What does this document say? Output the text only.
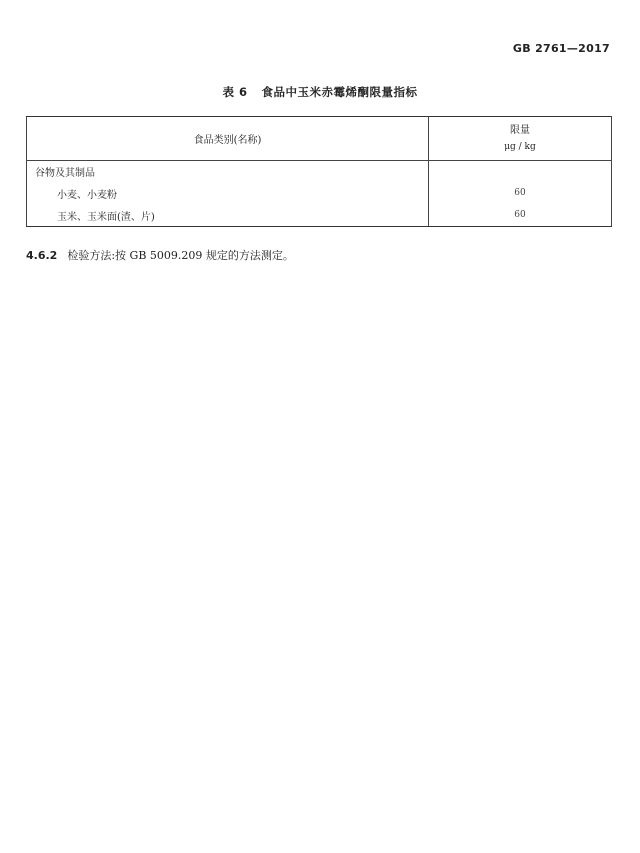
GB 2761—2017
表 6 食品中玉米赤霉烯酮限量指标
食品类别(名称)	限量
μg / kg

谷物及其制品	
小麦、小麦粉	60
玉米、玉米面(渣、片)	60
4.6.2 检验方法:按 GB 5009.209 规定的方法测定。
